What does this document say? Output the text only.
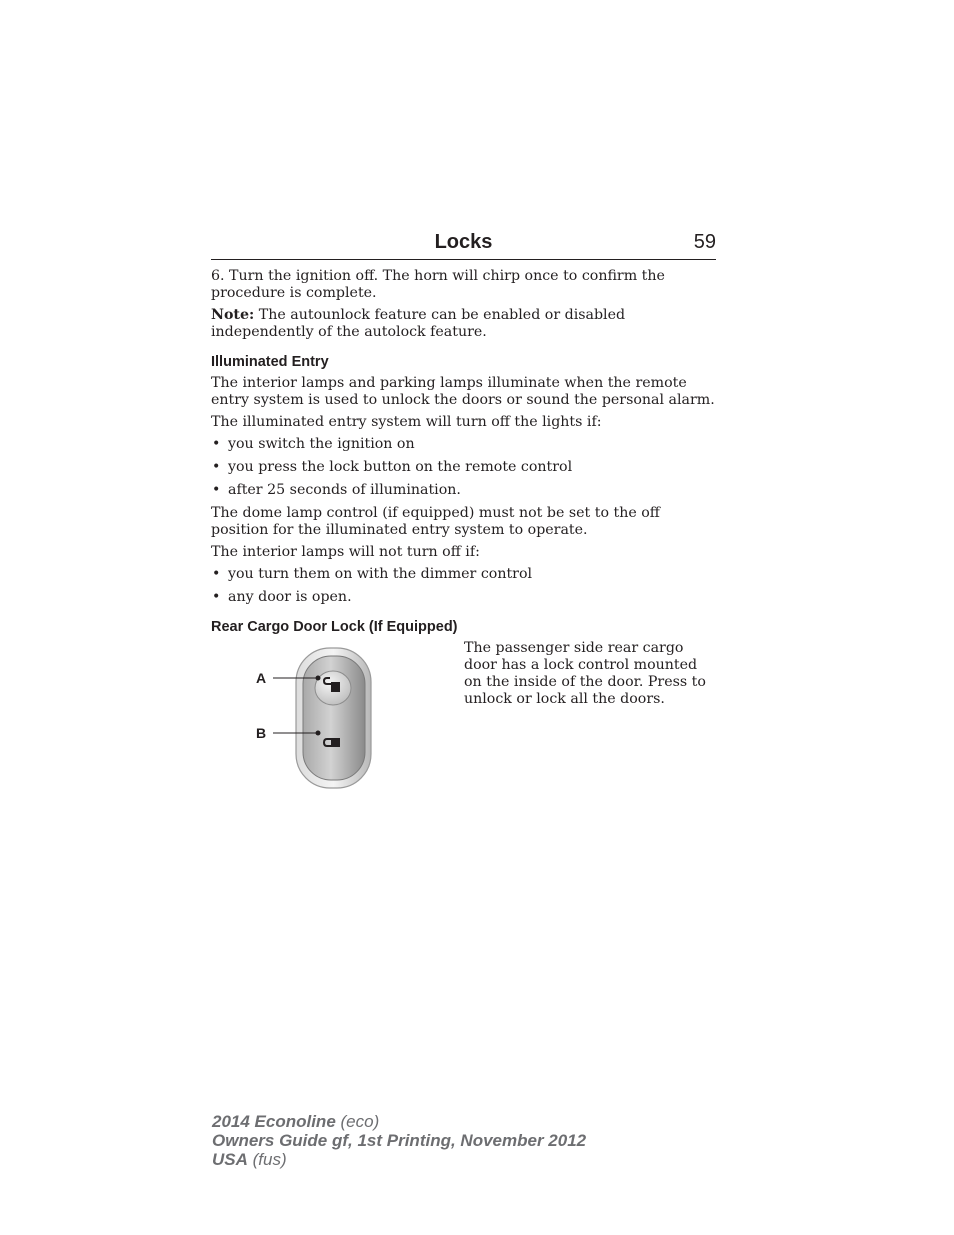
Locks	59

6. Turn the ignition off. The horn will chirp once to confirm the procedure is complete.

Note: The autounlock feature can be enabled or disabled independently of the autolock feature.

Illuminated Entry

The interior lamps and parking lamps illuminate when the remote entry system is used to unlock the doors or sound the personal alarm.

The illuminated entry system will turn off the lights if:

• you switch the ignition on
• you press the lock button on the remote control
• after 25 seconds of illumination.

The dome lamp control (if equipped) must not be set to the off position for the illuminated entry system to operate.

The interior lamps will not turn off if:

• you turn them on with the dimmer control
• any door is open.
Rear Cargo Door Lock (If Equipped)
A
B

The passenger side rear cargo door has a lock control mounted on the inside of the door. Press to unlock or lock all the doors.

2014 Econoline (eco)
Owners Guide gf, 1st Printing, November 2012
USA (fus)
